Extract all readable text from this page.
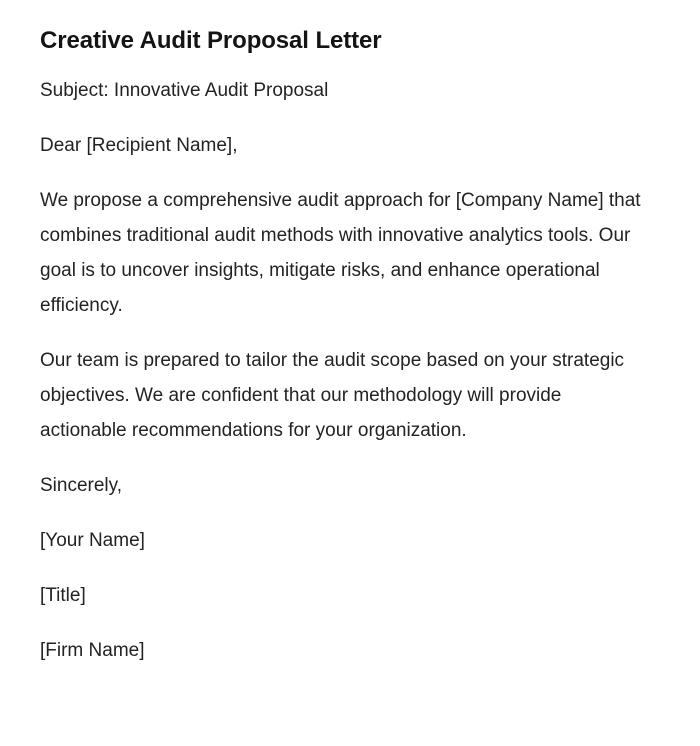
Creative Audit Proposal Letter

Subject: Innovative Audit Proposal

Dear [Recipient Name],

We propose a comprehensive audit approach for [Company Name] that combines traditional audit methods with innovative analytics tools. Our goal is to uncover insights, mitigate risks, and enhance operational efficiency.

Our team is prepared to tailor the audit scope based on your strategic objectives. We are confident that our methodology will provide actionable recommendations for your organization.

Sincerely,

[Your Name]

[Title]

[Firm Name]
